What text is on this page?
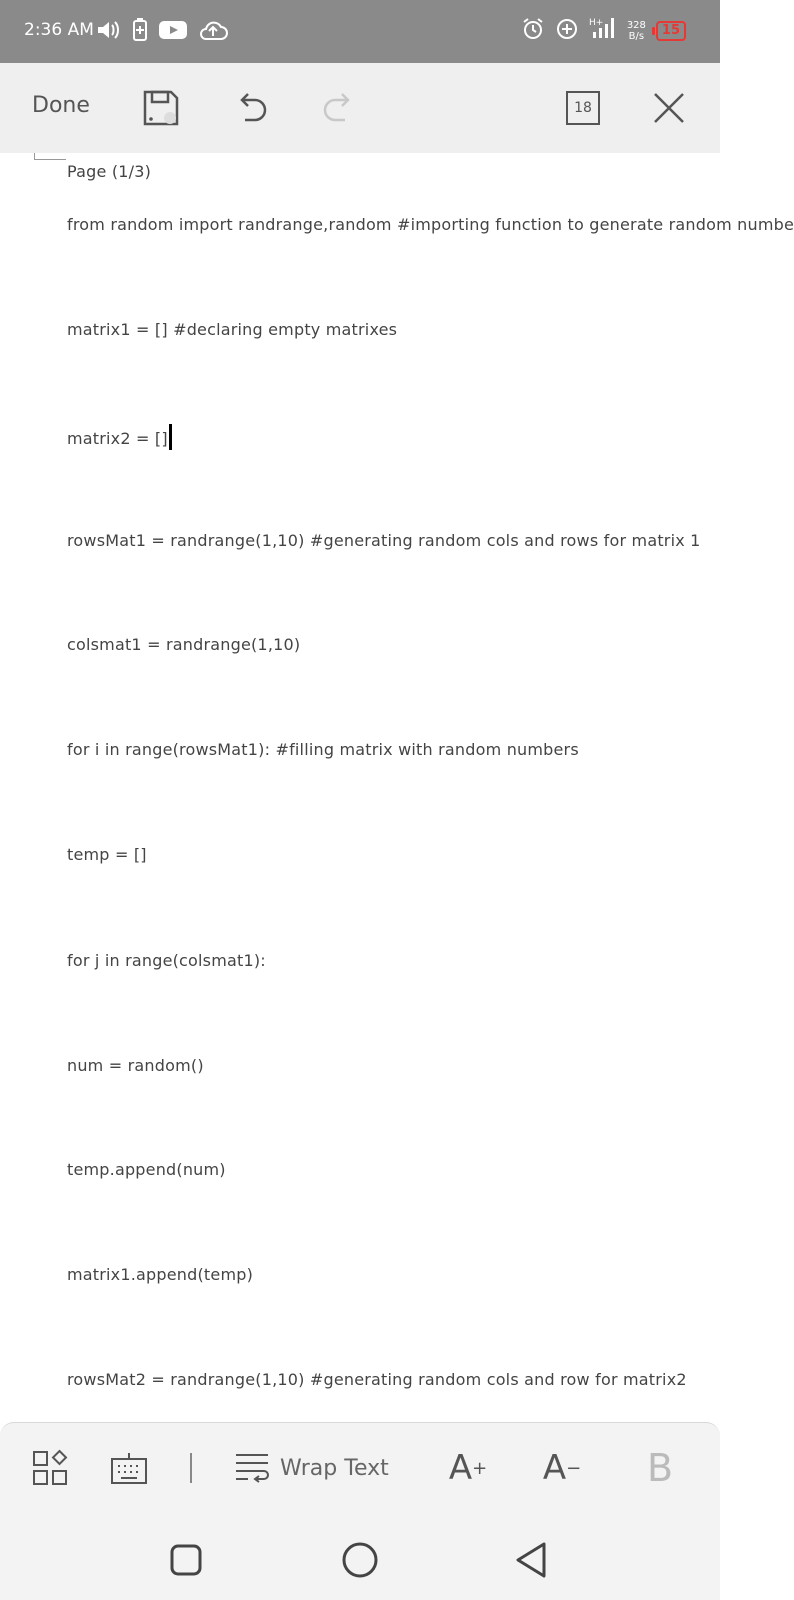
2:36 AM	H+ 328
B/s	15
Done	18
Page (1/3)
from random import randrange,random #importing function to generate random numbe
matrix1 = [] #declaring empty matrixes
matrix2 = []
rowsMat1 = randrange(1,10) #generating random cols and rows for matrix 1
colsmat1 = randrange(1,10)
for i in range(rowsMat1): #filling matrix with random numbers
temp = []
for j in range(colsmat1):
num = random()
temp.append(num)
matrix1.append(temp)
rowsMat2 = randrange(1,10) #generating random cols and row for matrix2
Wrap Text A + A − B
